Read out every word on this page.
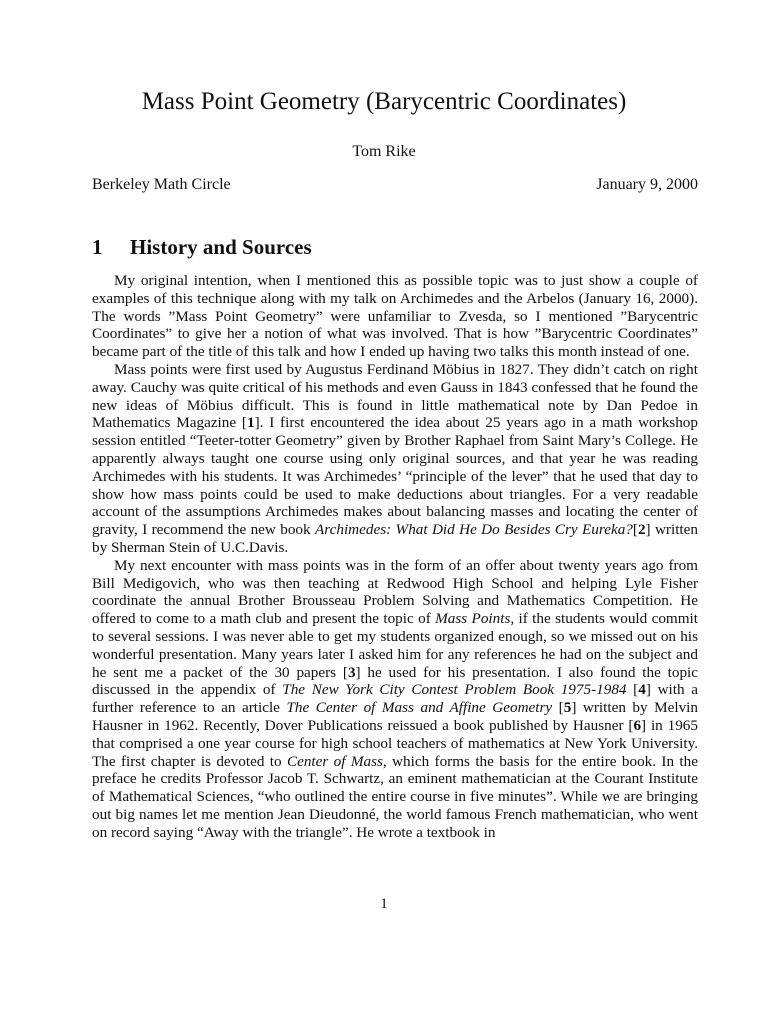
Mass Point Geometry (Barycentric Coordinates)
Tom Rike
Berkeley Math Circle	January 9, 2000
1 History and Sources

My original intention, when I mentioned this as possible topic was to just show a couple of examples of this technique along with my talk on Archimedes and the Arbelos (January 16, 2000). The words ”Mass Point Geometry” were unfamiliar to Zvesda, so I mentioned ”Barycentric Coordinates” to give her a notion of what was involved. That is how ”Barycentric Coordinates” became part of the title of this talk and how I ended up having two talks this month instead of one.

Mass points were first used by Augustus Ferdinand Möbius in 1827. They didn’t catch on right away. Cauchy was quite critical of his methods and even Gauss in 1843 confessed that he found the new ideas of Möbius difficult. This is found in little mathematical note by Dan Pedoe in Mathematics Magazine [1]. I first encountered the idea about 25 years ago in a math workshop session entitled “Teeter-totter Geometry” given by Brother Raphael from Saint Mary’s College. He apparently always taught one course using only original sources, and that year he was reading Archimedes with his students. It was Archimedes’ “principle of the lever” that he used that day to show how mass points could be used to make deductions about triangles. For a very readable account of the assumptions Archimedes makes about balancing masses and locating the center of gravity, I recommend the new book Archimedes: What Did He Do Besides Cry Eureka?[2] written by Sherman Stein of U.C.Davis.

My next encounter with mass points was in the form of an offer about twenty years ago from Bill Medigovich, who was then teaching at Redwood High School and helping Lyle Fisher coordinate the annual Brother Brousseau Problem Solving and Mathematics Competition. He offered to come to a math club and present the topic of Mass Points, if the students would commit to several sessions. I was never able to get my students organized enough, so we missed out on his wonderful presentation. Many years later I asked him for any references he had on the subject and he sent me a packet of the 30 papers [3] he used for his presentation. I also found the topic discussed in the appendix of The New York City Contest Problem Book 1975-1984 [4] with a further reference to an article The Center of Mass and Affine Geometry [5] written by Melvin Hausner in 1962. Recently, Dover Publications reissued a book published by Hausner [6] in 1965 that comprised a one year course for high school teachers of mathematics at New York University. The first chapter is devoted to Center of Mass, which forms the basis for the entire book. In the preface he credits Professor Jacob T. Schwartz, an eminent mathematician at the Courant Institute of Mathematical Sciences, “who outlined the entire course in five minutes”. While we are bringing out big names let me mention Jean Dieudonné, the world famous French mathematician, who went on record saying “Away with the triangle”. He wrote a textbook in

1
